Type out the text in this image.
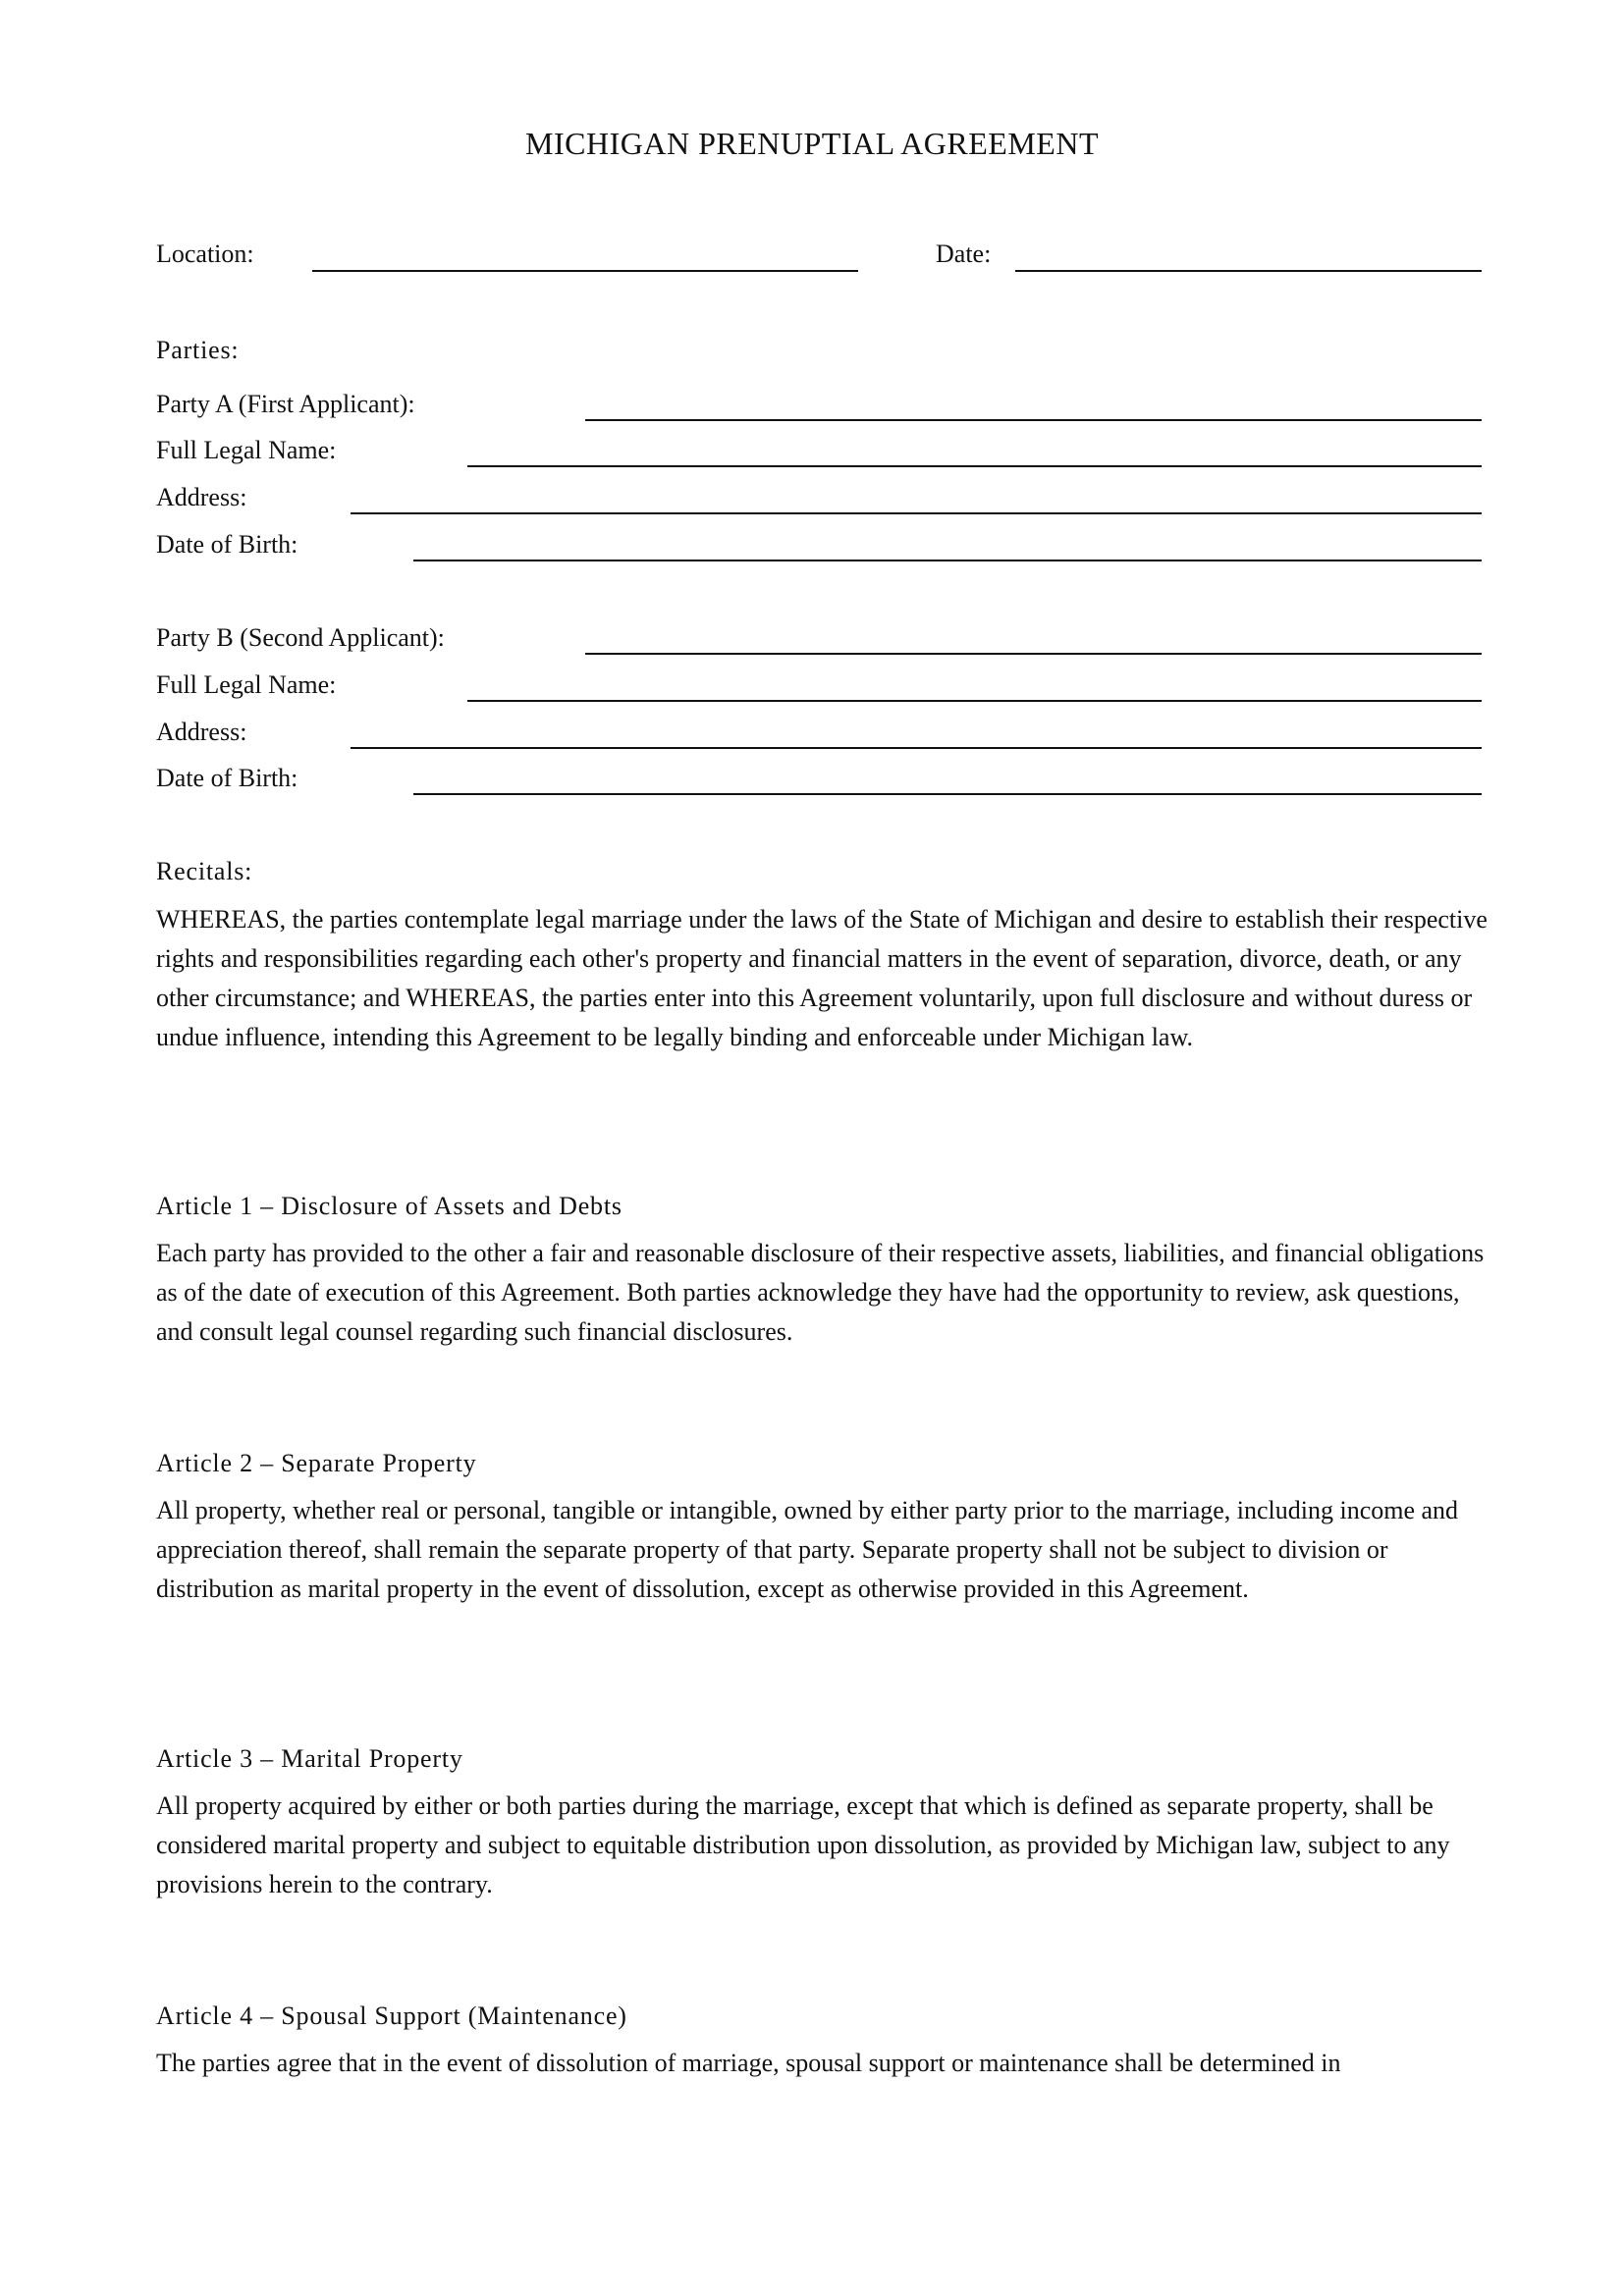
MICHIGAN PRENUPTIAL AGREEMENT
Location:	Date:
Parties:
Party A (First Applicant):
Full Legal Name:
Address:
Date of Birth:
Party B (Second Applicant):
Full Legal Name:
Address:
Date of Birth:
Recitals:

WHEREAS, the parties contemplate legal marriage under the laws of the State of Michigan and desire to establish their respective rights and responsibilities regarding each other's property and financial matters in the event of separation, divorce, death, or any other circumstance; and WHEREAS, the parties enter into this Agreement voluntarily, upon full disclosure and without duress or undue influence, intending this Agreement to be legally binding and enforceable under Michigan law.

Article 1 – Disclosure of Assets and Debts

Each party has provided to the other a fair and reasonable disclosure of their respective assets, liabilities, and financial obligations as of the date of execution of this Agreement. Both parties acknowledge they have had the opportunity to review, ask questions, and consult legal counsel regarding such financial disclosures.

Article 2 – Separate Property

All property, whether real or personal, tangible or intangible, owned by either party prior to the marriage, including income and appreciation thereof, shall remain the separate property of that party. Separate property shall not be subject to division or distribution as marital property in the event of dissolution, except as otherwise provided in this Agreement.

Article 3 – Marital Property

All property acquired by either or both parties during the marriage, except that which is defined as separate property, shall be considered marital property and subject to equitable distribution upon dissolution, as provided by Michigan law, subject to any provisions herein to the contrary.

Article 4 – Spousal Support (Maintenance)

The parties agree that in the event of dissolution of marriage, spousal support or maintenance shall be determined in
